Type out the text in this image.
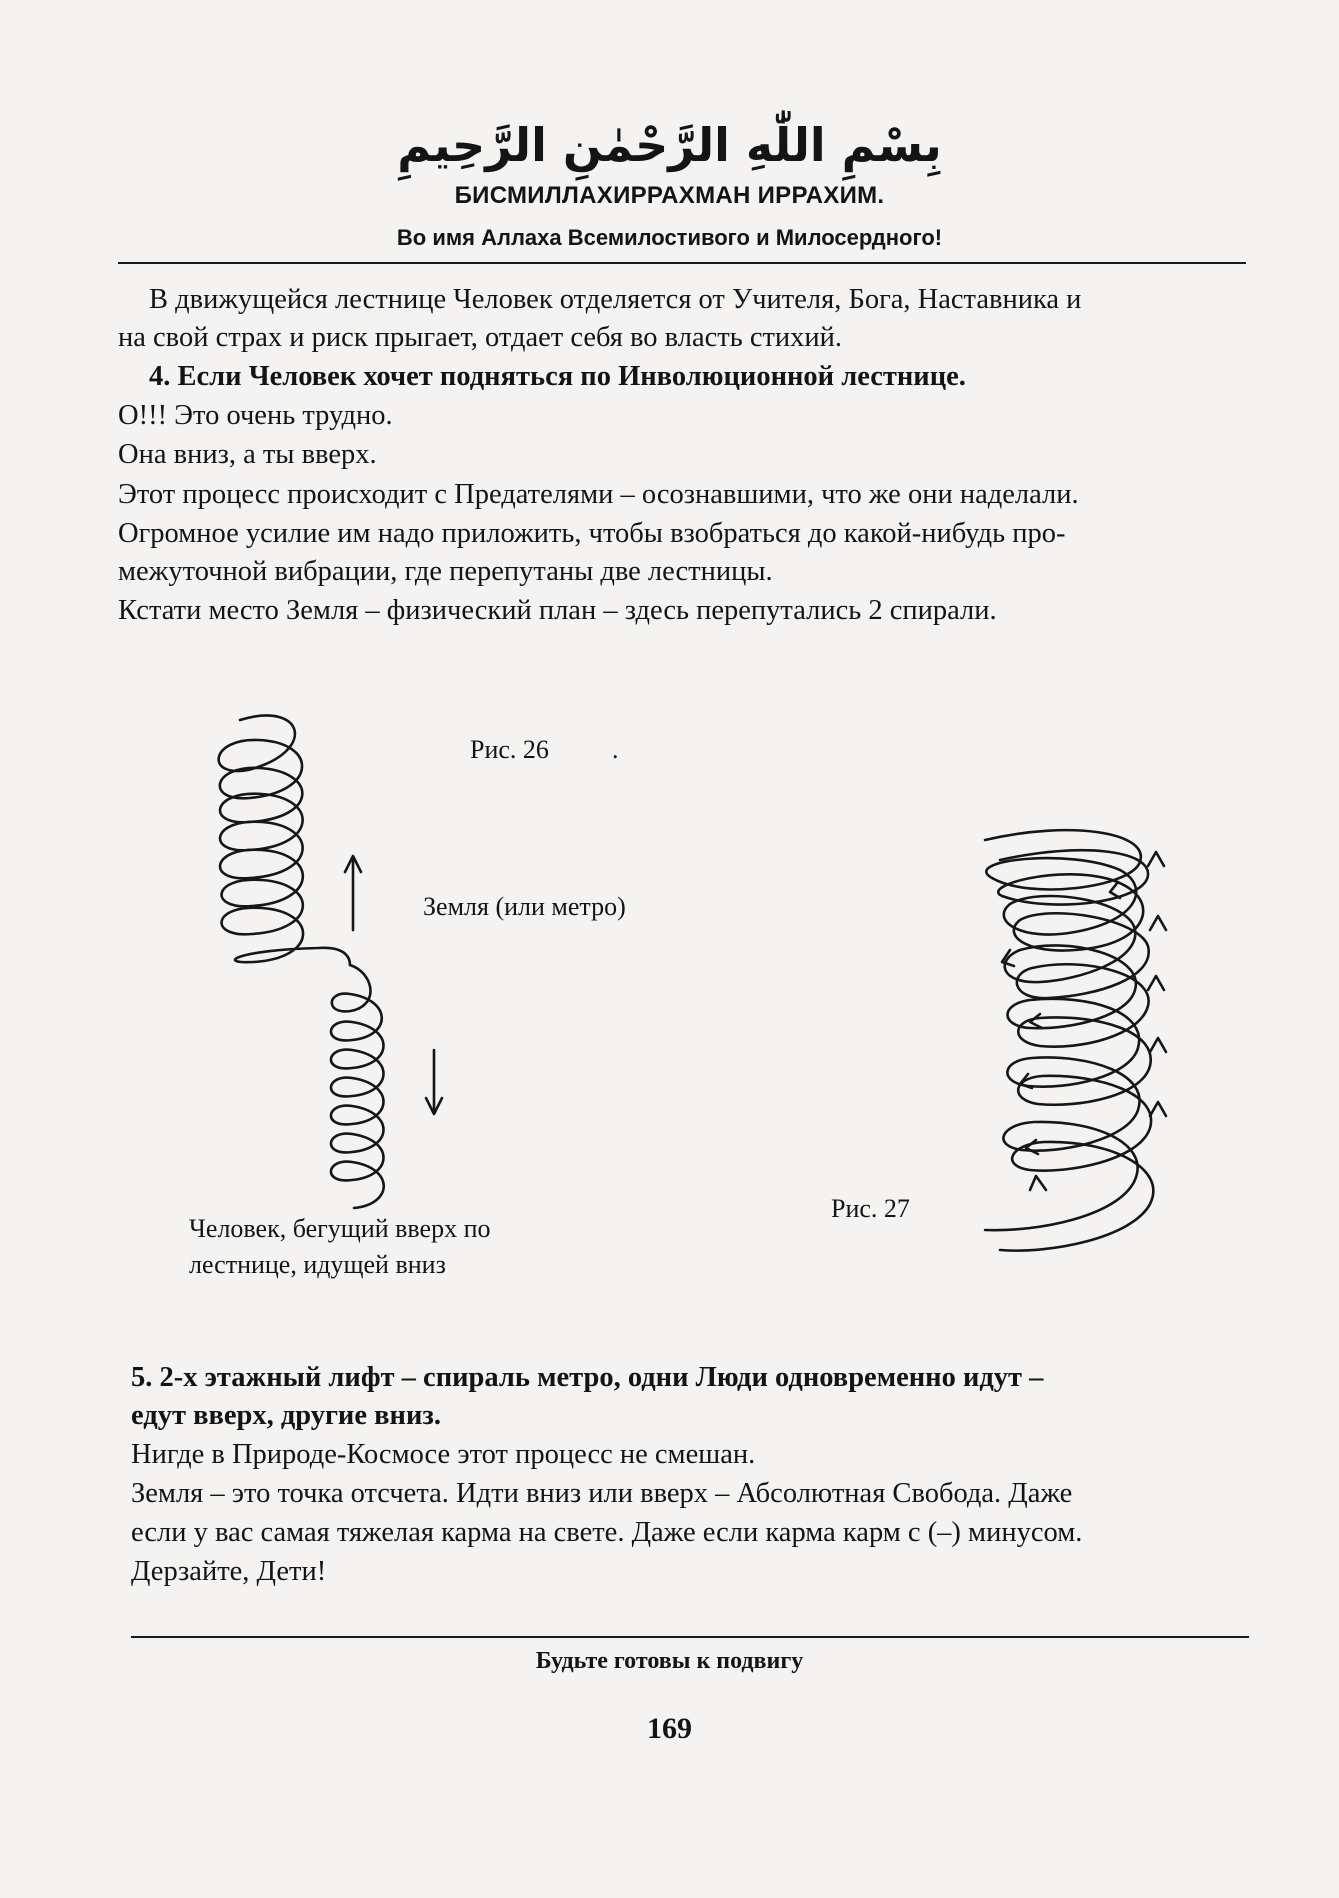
بِسْمِ اللّٰهِ الرَّحْمٰنِ الرَّحِيمِ
БИСМИЛЛАХИРРАХМАН ИРРАХИМ.
Во имя Аллаха Всемилостивого и Милосердного!
В движущейся лестнице Человек отделяется от Учителя, Бога, Наставника и
на свой страх и риск прыгает, отдает себя во власть стихий.
4. Если Человек хочет подняться по Инволюционной лестнице.
О!!! Это очень трудно.
Она вниз, а ты вверх.
Этот процесс происходит с Предателями – осознавшими, что же они наделали.
Огромное усилие им надо приложить, чтобы взобраться до какой-нибудь про-
межуточной вибрации, где перепутаны две лестницы.
Кстати место Земля – физический план – здесь перепутались 2 спирали.
Рис. 26 .
Земля (или метро)
Человек, бегущий вверх по
лестнице, идущей вниз
Рис. 27
5. 2-х этажный лифт – спираль метро, одни Люди одновременно идут –
едут вверх, другие вниз.
Нигде в Природе-Космосе этот процесс не смешан.
Земля – это точка отсчета. Идти вниз или вверх – Абсолютная Свобода. Даже
если у вас самая тяжелая карма на свете. Даже если карма карм с (–) минусом.
Дерзайте, Дети!
Будьте готовы к подвигу
169
